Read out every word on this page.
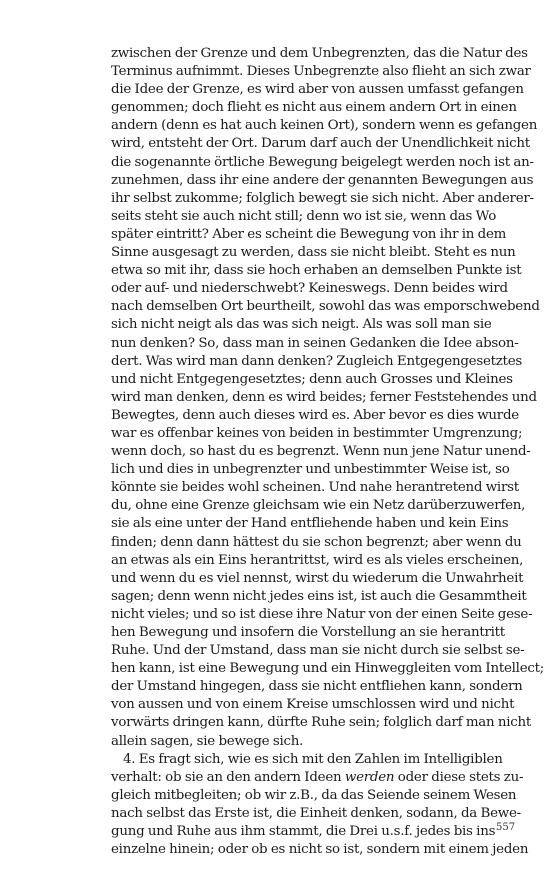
zwischen der Grenze und dem Unbegrenzten, das die Natur des
Terminus aufnimmt. Dieses Unbegrenzte also flieht an sich zwar
die Idee der Grenze, es wird aber von aussen umfasst gefangen
genommen; doch flieht es nicht aus einem andern Ort in einen
andern (denn es hat auch keinen Ort), sondern wenn es gefangen
wird, entsteht der Ort. Darum darf auch der Unendlichkeit nicht
die sogenannte örtliche Bewegung beigelegt werden noch ist an-
zunehmen, dass ihr eine andere der genannten Bewegungen aus
ihr selbst zukomme; folglich bewegt sie sich nicht. Aber anderer-
seits steht sie auch nicht still; denn wo ist sie, wenn das Wo
später eintritt? Aber es scheint die Bewegung von ihr in dem
Sinne ausgesagt zu werden, dass sie nicht bleibt. Steht es nun
etwa so mit ihr, dass sie hoch erhaben an demselben Punkte ist
oder auf- und niederschwebt? Keineswegs. Denn beides wird
nach demselben Ort beurtheilt, sowohl das was emporschwebend
sich nicht neigt als das was sich neigt. Als was soll man sie
nun denken? So, dass man in seinen Gedanken die Idee abson-
dert. Was wird man dann denken? Zugleich Entgegengesetztes
und nicht Entgegengesetztes; denn auch Grosses und Kleines
wird man denken, denn es wird beides; ferner Feststehendes und
Bewegtes, denn auch dieses wird es. Aber bevor es dies wurde
war es offenbar keines von beiden in bestimmter Umgrenzung;
wenn doch, so hast du es begrenzt. Wenn nun jene Natur unend-
lich und dies in unbegrenzter und unbestimmter Weise ist, so
könnte sie beides wohl scheinen. Und nahe herantretend wirst
du, ohne eine Grenze gleichsam wie ein Netz darüberzuwerfen,
sie als eine unter der Hand entfliehende haben und kein Eins
finden; denn dann hättest du sie schon begrenzt; aber wenn du
an etwas als ein Eins herantrittst, wird es als vieles erscheinen,
und wenn du es viel nennst, wirst du wiederum die Unwahrheit
sagen; denn wenn nicht jedes eins ist, ist auch die Gesammtheit
nicht vieles; und so ist diese ihre Natur von der einen Seite gese-
hen Bewegung und insofern die Vorstellung an sie herantritt
Ruhe. Und der Umstand, dass man sie nicht durch sie selbst se-
hen kann, ist eine Bewegung und ein Hinweggleiten vom Intellect;
der Umstand hingegen, dass sie nicht entfliehen kann, sondern
von aussen und von einem Kreise umschlossen wird und nicht
vorwärts dringen kann, dürfte Ruhe sein; folglich darf man nicht
allein sagen, sie bewege sich.
4. Es fragt sich, wie es sich mit den Zahlen im Intelligiblen
verhalt: ob sie an den andern Ideen werden oder diese stets zu-
gleich mitbegleiten; ob wir z.B., da das Seiende seinem Wesen
nach selbst das Erste ist, die Einheit denken, sodann, da Bewe-
gung und Ruhe aus ihm stammt, die Drei u.s.f. jedes bis ins
einzelne hinein; oder ob es nicht so ist, sondern mit einem jeden
557
